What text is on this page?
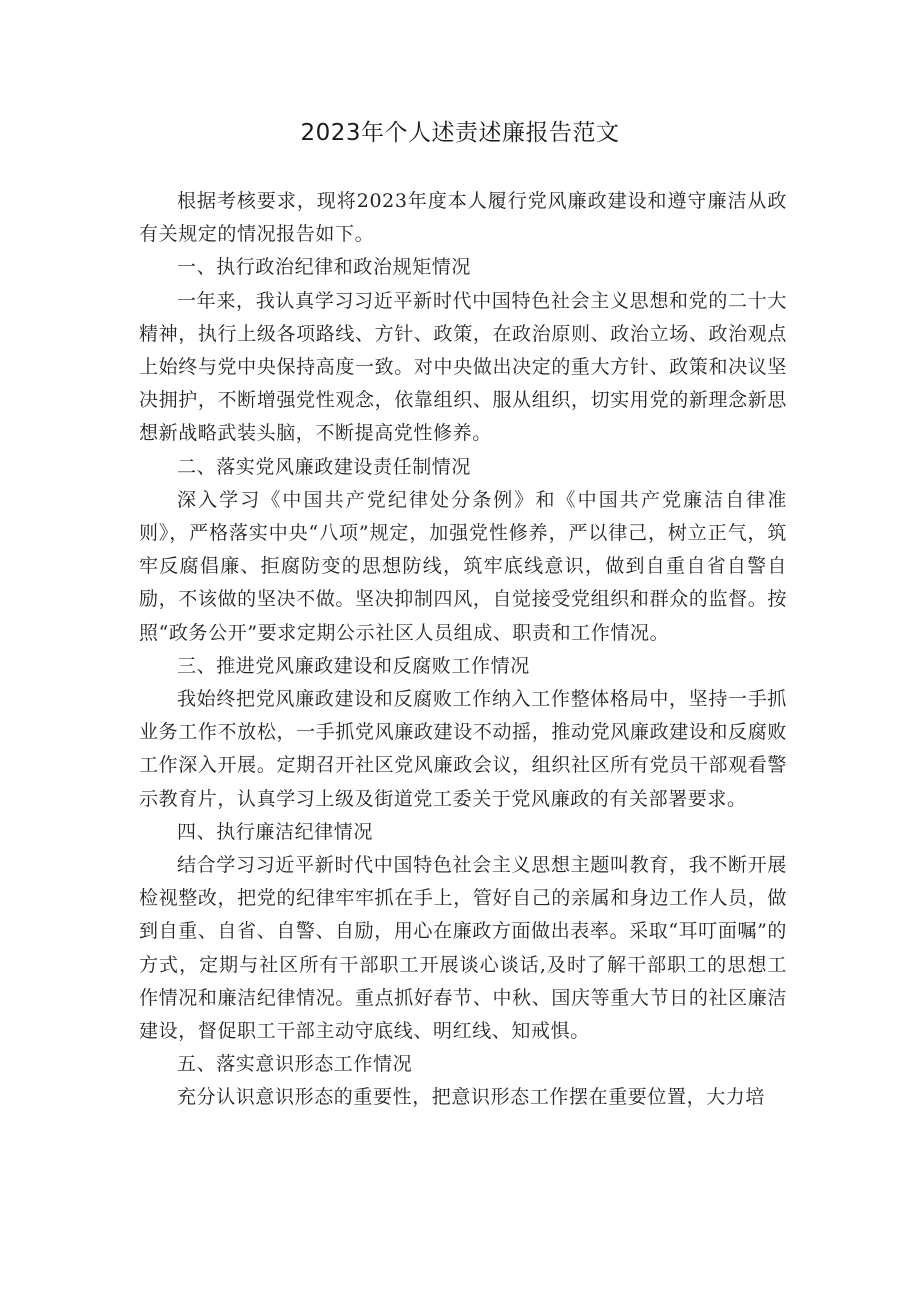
2023年个人述责述廉报告范文

根据考核要求，现将2023年度本人履行党风廉政建设和遵守廉洁从政有关规定的情况报告如下。

一、执行政治纪律和政治规矩情况

一年来，我认真学习习近平新时代中国特色社会主义思想和党的二十大精神，执行上级各项路线、方针、政策，在政治原则、政治立场、政治观点上始终与党中央保持高度一致。对中央做出决定的重大方针、政策和决议坚决拥护，不断增强党性观念，依靠组织、服从组织，切实用党的新理念新思想新战略武装头脑，不断提高党性修养。

二、落实党风廉政建设责任制情况

深入学习《中国共产党纪律处分条例》和《中国共产党廉洁自律准则》，严格落实中央“八项”规定，加强党性修养，严以律己，树立正气，筑牢反腐倡廉、拒腐防变的思想防线，筑牢底线意识，做到自重自省自警自励，不该做的坚决不做。坚决抑制四风，自觉接受党组织和群众的监督。按照“政务公开”要求定期公示社区人员组成、职责和工作情况。

三、推进党风廉政建设和反腐败工作情况

我始终把党风廉政建设和反腐败工作纳入工作整体格局中，坚持一手抓业务工作不放松，一手抓党风廉政建设不动摇，推动党风廉政建设和反腐败工作深入开展。定期召开社区党风廉政会议，组织社区所有党员干部观看警示教育片，认真学习上级及街道党工委关于党风廉政的有关部署要求。

四、执行廉洁纪律情况

结合学习习近平新时代中国特色社会主义思想主题叫教育，我不断开展检视整改，把党的纪律牢牢抓在手上，管好自己的亲属和身边工作人员，做到自重、自省、自警、自励，用心在廉政方面做出表率。采取“耳叮面嘱”的方式，定期与社区所有干部职工开展谈心谈话,及时了解干部职工的思想工作情况和廉洁纪律情况。重点抓好春节、中秋、国庆等重大节日的社区廉洁建设，督促职工干部主动守底线、明红线、知戒惧。

五、落实意识形态工作情况

充分认识意识形态的重要性，把意识形态工作摆在重要位置，大力培
